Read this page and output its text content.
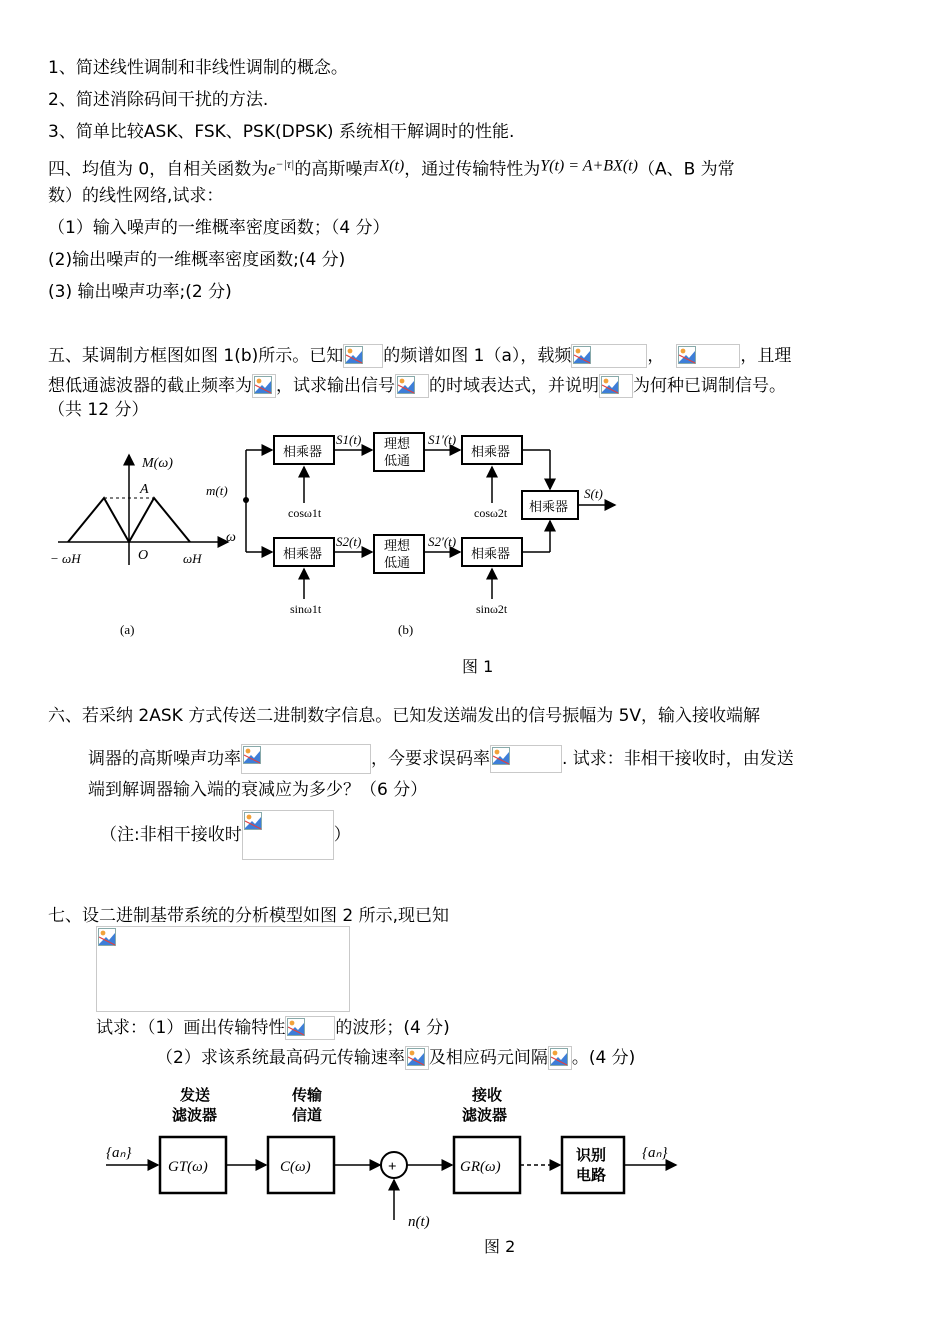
1、简述线性调制和非线性调制的概念。
2、简述消除码间干扰的方法.
3、简单比较ASK、FSK、PSK(DPSK) 系统相干解调时的性能.
四、均值为 0，自相关函数为$e^{-|\tau|}$的高斯噪声X(t)，通过传输特性为Y(t) = A+BX(t)（A、B 为常
数）的线性网络,试求：
（1）输入噪声的一维概率密度函数；（4 分）
(2)输出噪声的一维概率密度函数;(4 分)
(3) 输出噪声功率;(2 分)
五、某调制方框图如图 1(b)所示。已知 的频谱如图 1（a），载频	，	，且理
想低通滤波器的截止频率为 ，试求输出信号 的时域表达式，并说明 为何种已调制信号。
（共 12 分）
M(ω)
A
O
ω
− ωH	ωH
(a)
m(t)
相乘器
相乘器
S1(t)
S2(t)
理想
低通
理想
低通
S1′(t)
S2′(t)
相乘器
相乘器
相乘器
S(t)
cosω1t
sinω1t
cosω2t
sinω2t
(b)
图 1
六、若采纳 2ASK 方式传送二进制数字信息。已知发送端发出的信号振幅为 5V，输入接收端解
调器的高斯噪声功率	，今要求误码率	. 试求：非相干接收时，由发送
端到解调器输入端的衰减应为多少？（6 分）
（注:非相干接收时	）
七、设二进制基带系统的分析模型如图 2 所示,现已知
试求：（1）画出传输特性	的波形；(4 分)
（2）求该系统最高码元传输速率 及相应码元间隔 。(4 分)
{aₙ}
发送
滤波器
GT(ω)
传输
信道
C(ω)	+
n(t)
接收
滤波器
GR(ω)
识别
电路
{aₙ}
图 2
